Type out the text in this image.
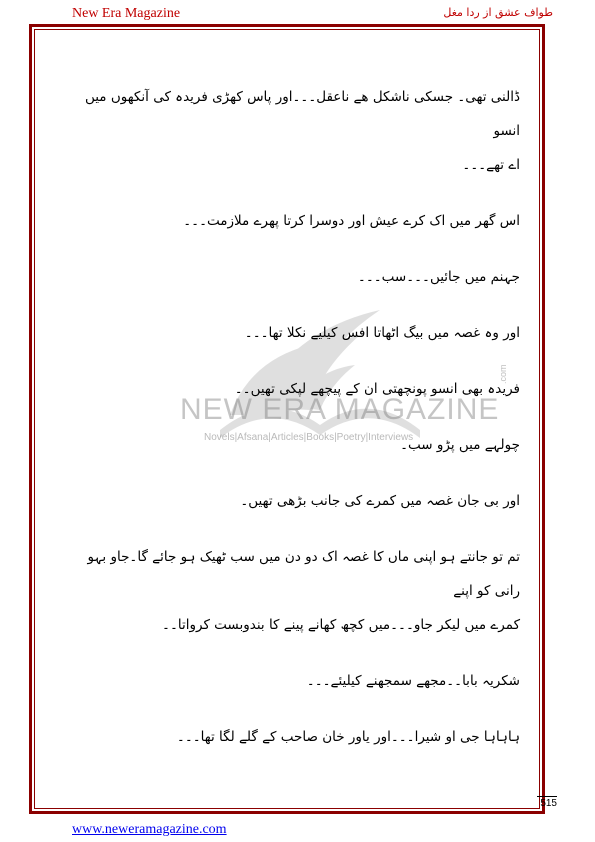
New Era Magazine	طواف عشق از ردا مغل
NEW ERA MAGAZINE
Novels|Afsana|Articles|Books|Poetry|Interviews
.com

ڈالنی تھی۔ جسکی ناشکل ھے ناعقل۔۔۔اور پاس کھڑی فریدہ کی آنکھوں میں انسو

اے تھے۔۔۔

اس گھر میں اک کرے عیش اور دوسرا کرتا پھرے ملازمت۔۔۔

جہنم میں جائیں۔۔۔سب۔۔۔

اور وہ غصہ میں بیگ اٹھاتا افس کیلیے نکلا تھا۔۔۔

فریدہ بھی انسو پونچھتی ان کے پیچھے لپکی تھیں۔۔

چولہے میں پڑو سب۔

اور بی جان غصہ میں کمرے کی جانب بڑھی تھیں۔

تم تو جانتے ہو اپنی ماں کا غصہ اک دو دن میں سب ٹھیک ہو جائے گا۔جاو بہو رانی کو اپنے

کمرے میں لیکر جاو۔۔۔میں کچھ کھانے پینے کا بندوبست کرواتا۔۔

شکریہ بابا۔۔مجھے سمجھنے کیلیئے۔۔۔

ہاہاہا جی او شیرا۔۔۔اور یاور خان صاحب کے گلے لگا تھا۔۔۔

515
www.neweramagazine.com
